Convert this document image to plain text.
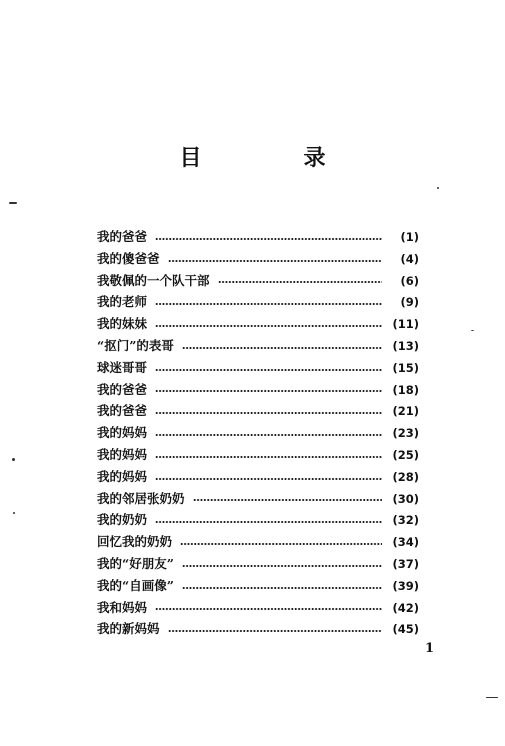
目　录
我的爸爸	(1)
我的傻爸爸	(4)
我敬佩的一个队干部	(6)
我的老师	(9)
我的妹妹	(11)
“抠门”的表哥	(13)
球迷哥哥	(15)
我的爸爸	(18)
我的爸爸	(21)
我的妈妈	(23)
我的妈妈	(25)
我的妈妈	(28)
我的邻居张奶奶	(30)
我的奶奶	(32)
回忆我的奶奶	(34)
我的“好朋友”	(37)
我的“自画像”	(39)
我和妈妈	(42)
我的新妈妈	(45)
1
